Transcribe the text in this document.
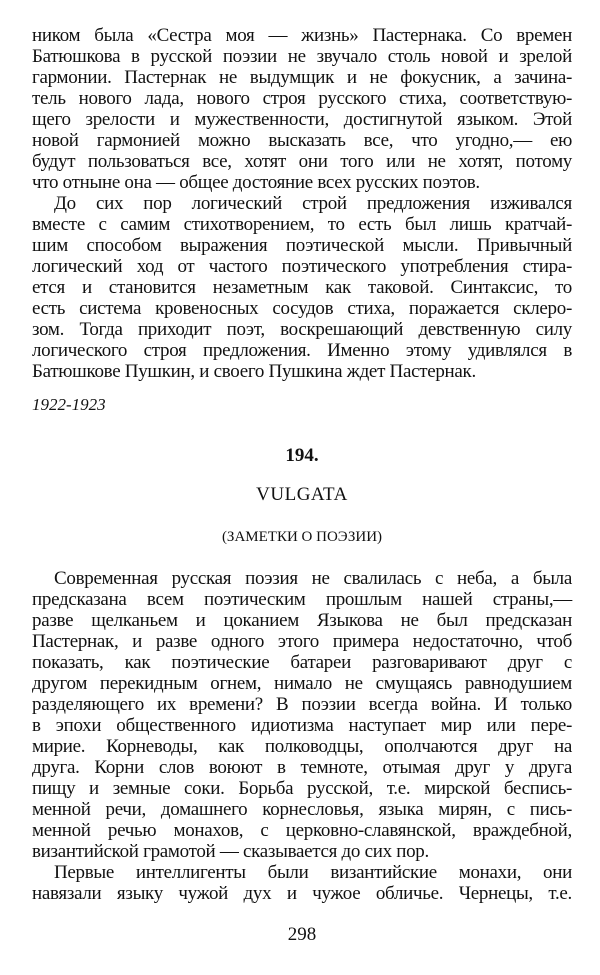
ником была «Сестра моя — жизнь» Пастернака. Со времен
Батюшкова в русской поэзии не звучало столь новой и зрелой
гармонии. Пастернак не выдумщик и не фокусник, а зачина-
тель нового лада, нового строя русского стиха, соответствую-
щего зрелости и мужественности, достигнутой языком. Этой
новой гармонией можно высказать все, что угодно,— ею
будут пользоваться все, хотят они того или не хотят, потому
что отныне она — общее достояние всех русских поэтов.
До сих пор логический строй предложения изживался
вместе с самим стихотворением, то есть был лишь кратчай-
шим способом выражения поэтической мысли. Привычный
логический ход от частого поэтического употребления стира-
ется и становится незаметным как таковой. Синтаксис, то
есть система кровеносных сосудов стиха, поражается склеро-
зом. Тогда приходит поэт, воскрешающий девственную силу
логического строя предложения. Именно этому удивлялся в
Батюшкове Пушкин, и своего Пушкина ждет Пастернак.
1922-1923
194.
VULGATA
(ЗАМЕТКИ О ПОЭЗИИ)
Современная русская поэзия не свалилась с неба, а была
предсказана всем поэтическим прошлым нашей страны,—
разве щелканьем и цоканием Языкова не был предсказан
Пастернак, и разве одного этого примера недостаточно, чтоб
показать, как поэтические батареи разговаривают друг с
другом перекидным огнем, нимало не смущаясь равнодушием
разделяющего их времени? В поэзии всегда война. И только
в эпохи общественного идиотизма наступает мир или пере-
мирие. Корневоды, как полководцы, ополчаются друг на
друга. Корни слов воюют в темноте, отымая друг у друга
пищу и земные соки. Борьба русской, т.е. мирской беспись-
менной речи, домашнего корнесловья, языка мирян, с пись-
менной речью монахов, с церковно-славянской, враждебной,
византийской грамотой — сказывается до сих пор.
Первые интеллигенты были византийские монахи, они
навязали языку чужой дух и чужое обличье. Чернецы, т.е.
298
